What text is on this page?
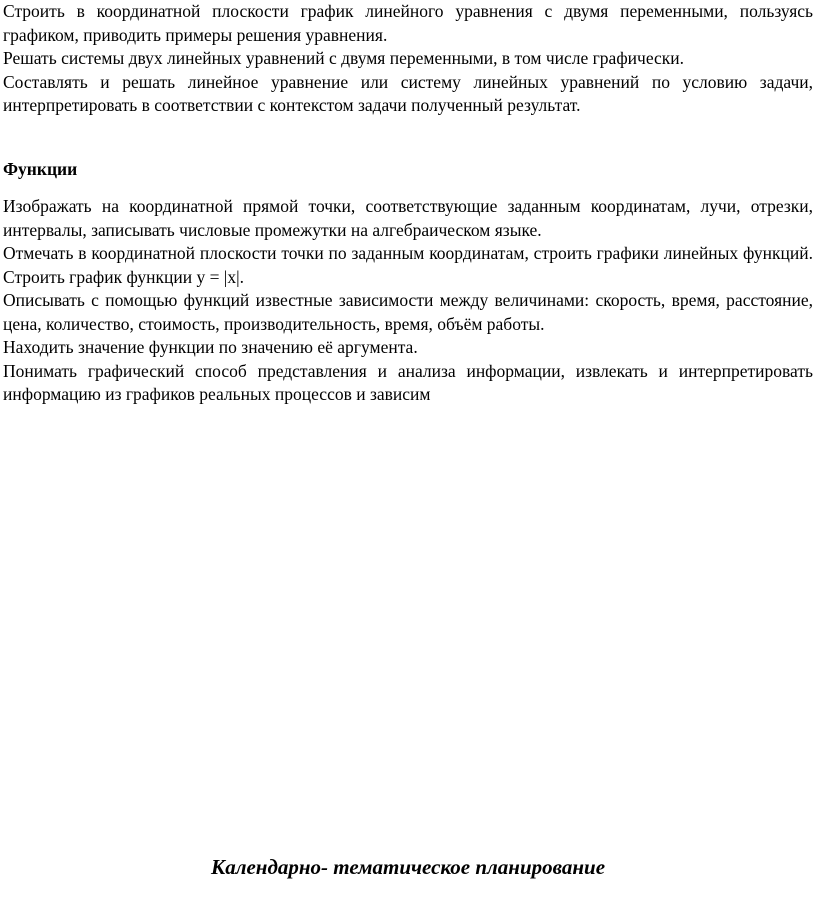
Строить в координатной плоскости график линейного уравнения с двумя переменными, пользуясь графиком, приводить примеры решения уравнения.

Решать системы двух линейных уравнений с двумя переменными, в том числе графически.

Составлять и решать линейное уравнение или систему линейных уравнений по условию задачи, интерпретировать в соответствии с контекстом задачи полученный результат.

Функции

Изображать на координатной прямой точки, соответствующие заданным координатам, лучи, отрезки, интервалы, записывать числовые промежутки на алгебраическом языке.

Отмечать в координатной плоскости точки по заданным координатам, строить графики линейных функций. Строить график функции y = |x|.

Описывать с помощью функций известные зависимости между величинами: скорость, время, расстояние, цена, количество, стоимость, производительность, время, объём работы.

Находить значение функции по значению её аргумента.

Понимать графический способ представления и анализа информации, извлекать и интерпретировать информацию из графиков реальных процессов и зависим

Календарно- тематическое планирование
